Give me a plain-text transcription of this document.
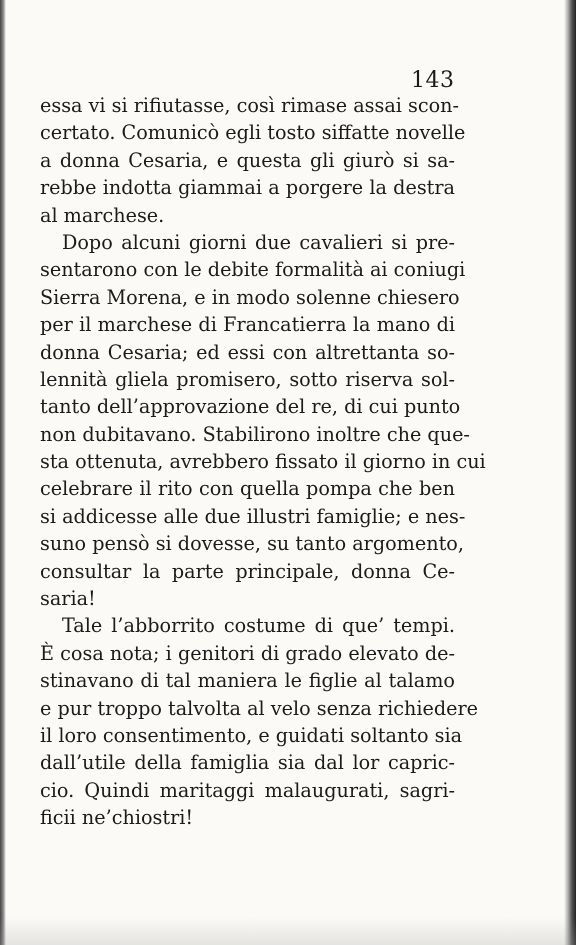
143

essa vi si rifiutasse, così rimase assai scon-
certato. Comunicò egli tosto siffatte novelle
a donna Cesaria, e questa gli giurò si sa-
rebbe indotta giammai a porgere la destra
al marchese.
Dopo alcuni giorni due cavalieri si pre-
sentarono con le debite formalità ai coniugi
Sierra Morena, e in modo solenne chiesero
per il marchese di Francatierra la mano di
donna Cesaria; ed essi con altrettanta so-
lennità gliela promisero, sotto riserva sol-
tanto dell’approvazione del re, di cui punto
non dubitavano. Stabilirono inoltre che que-
sta ottenuta, avrebbero fissato il giorno in cui
celebrare il rito con quella pompa che ben
si addicesse alle due illustri famiglie; e nes-
suno pensò si dovesse, su tanto argomento,
consultar la parte principale, donna Ce-
saria!
Tale l’abborrito costume di que’ tempi.
È cosa nota; i genitori di grado elevato de-
stinavano di tal maniera le figlie al talamo
e pur troppo talvolta al velo senza richiedere
il loro consentimento, e guidati soltanto sia
dall’utile della famiglia sia dal lor capric-
cio. Quindi maritaggi malaugurati, sagri-
ficii ne’chiostri!
